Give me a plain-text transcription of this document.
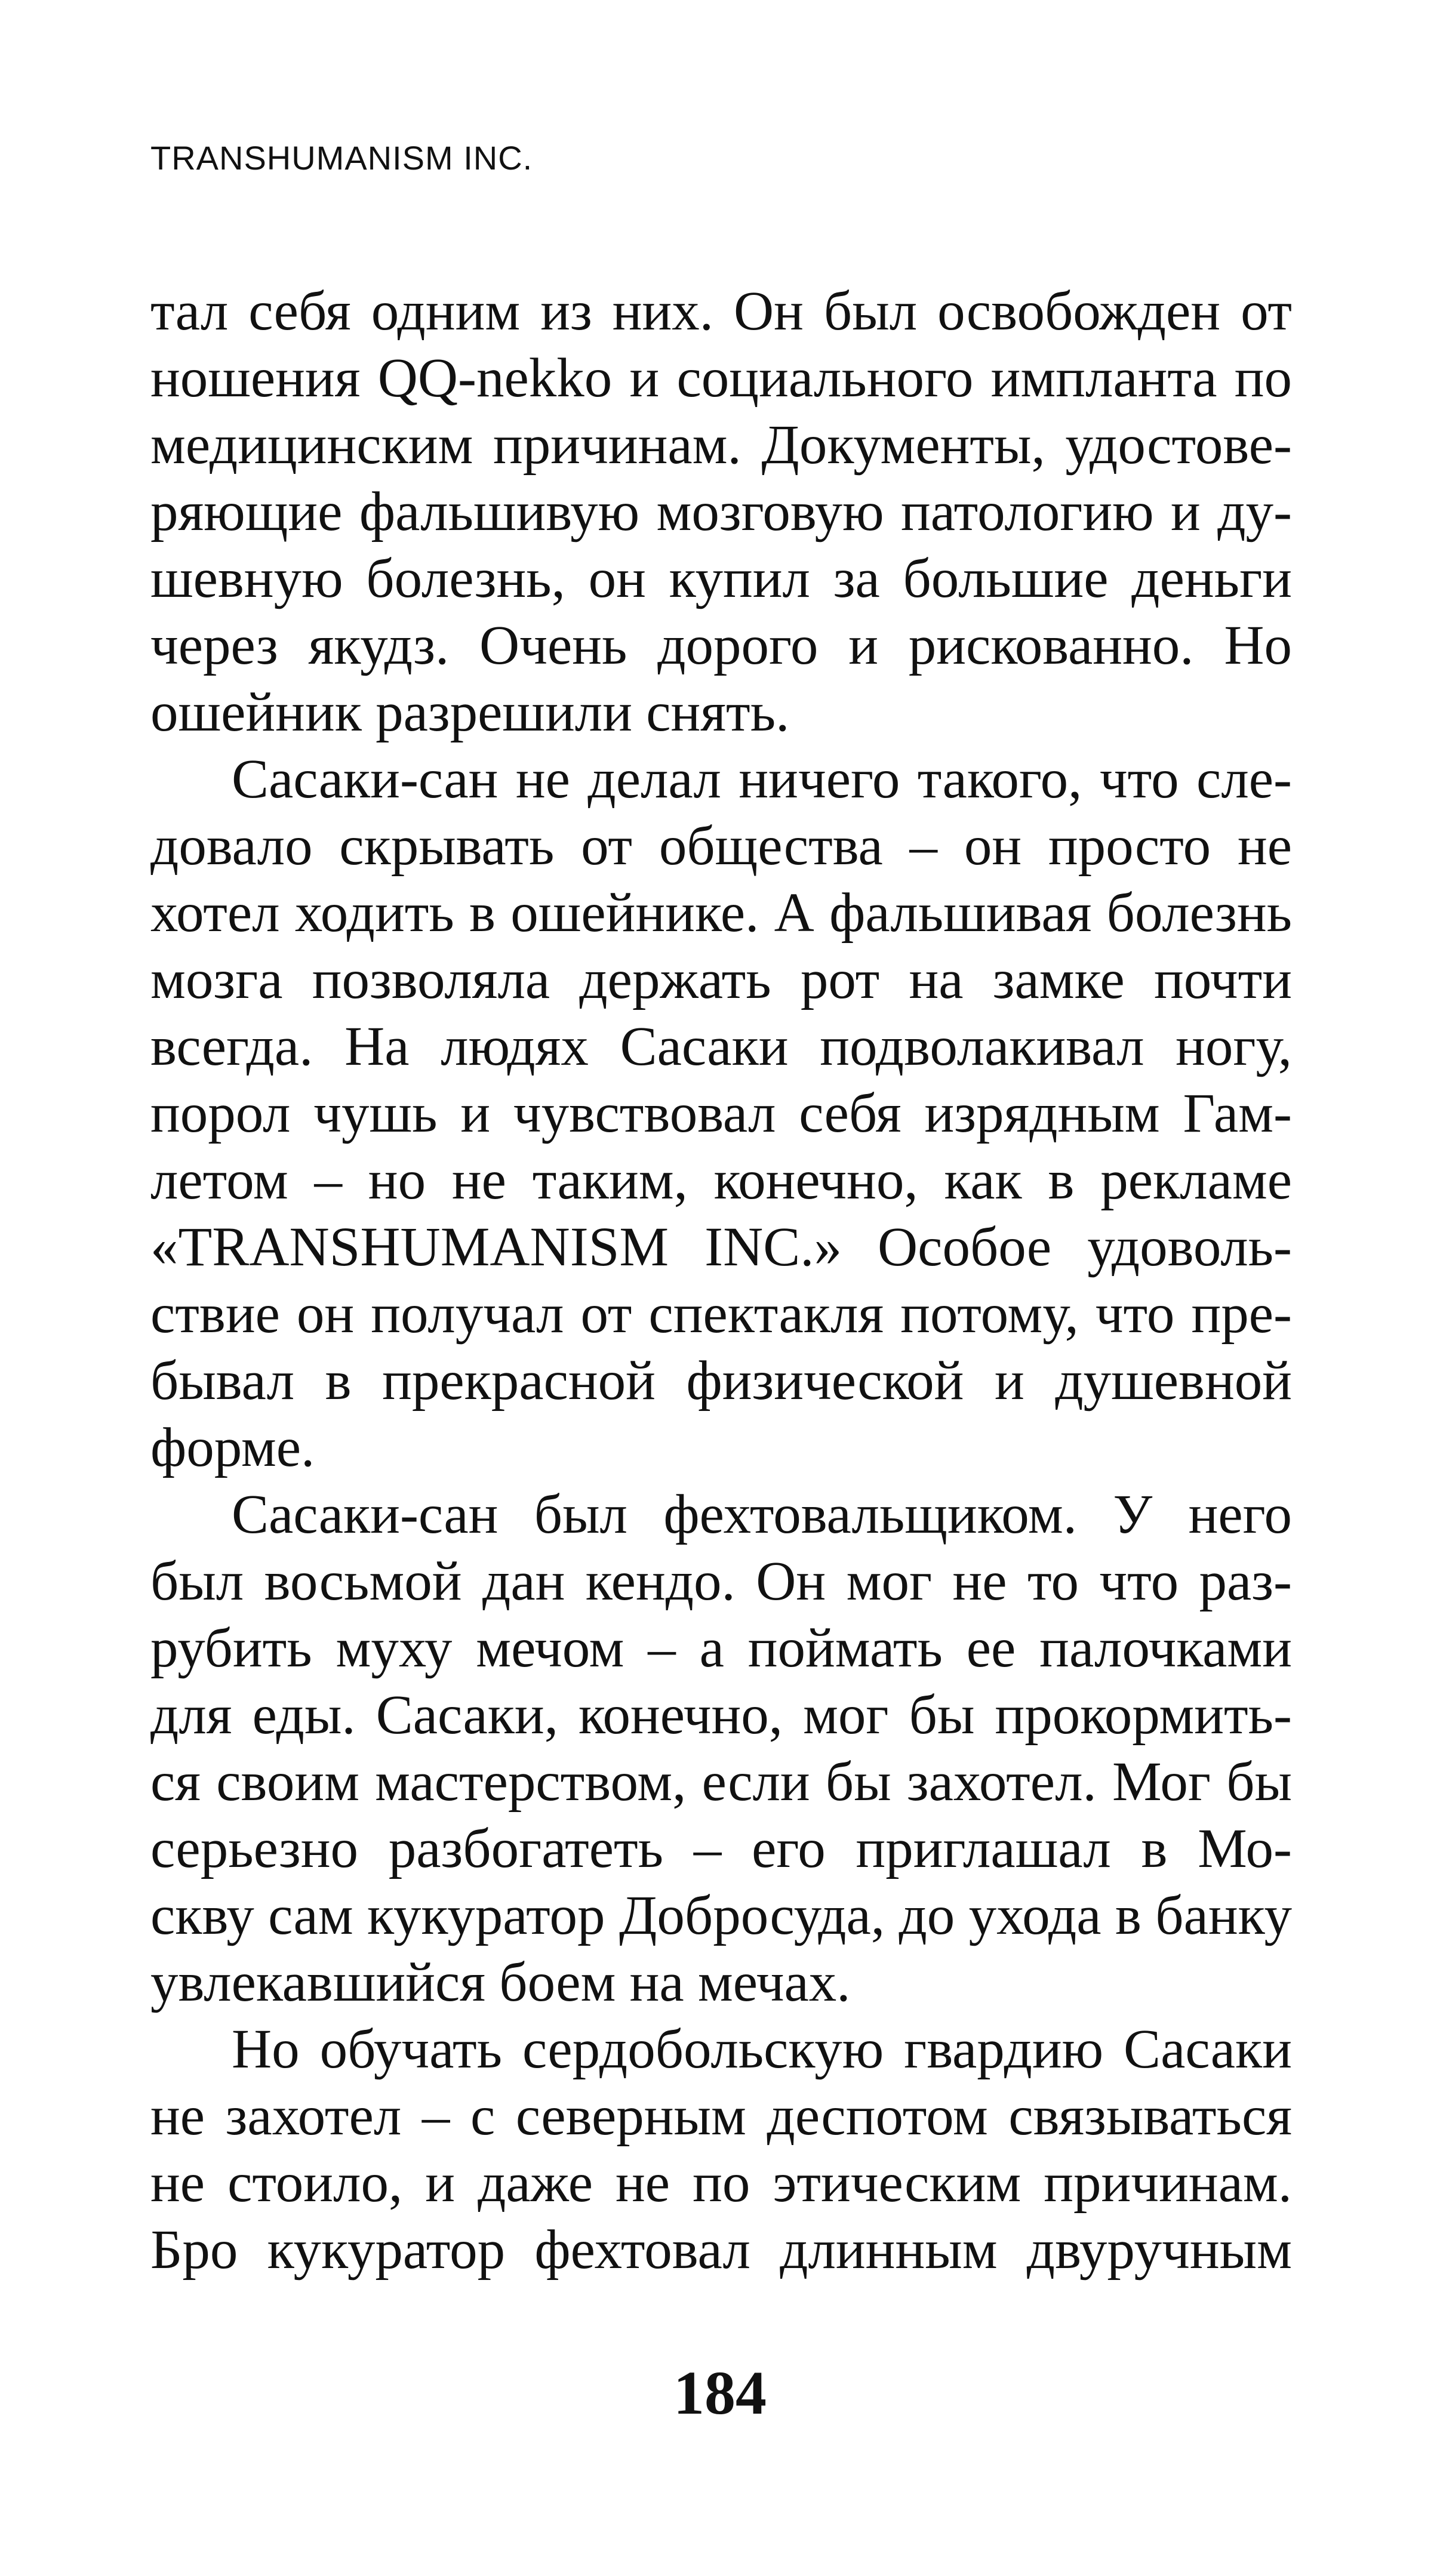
TRANSHUMANISM INC.
тал себя одним из них. Он был освобожден от
ношения QQ-nekko и социального импланта по
медицинским причинам. Документы, удостове-
ряющие фальшивую мозговую патологию и ду-
шевную болезнь, он купил за большие деньги
через якудз. Очень дорого и рискованно. Но
ошейник разрешили снять.
Сасаки-сан не делал ничего такого, что сле-
довало скрывать от общества – он просто не
хотел ходить в ошейнике. А фальшивая болезнь
мозга позволяла держать рот на замке почти
всегда. На людях Сасаки подволакивал ногу,
порол чушь и чувствовал себя изрядным Гам-
летом – но не таким, конечно, как в рекламе
«TRANSHUMANISM INC.» Особое удоволь-
ствие он получал от спектакля потому, что пре-
бывал в прекрасной физической и душевной
форме.
Сасаки-сан был фехтовальщиком. У него
был восьмой дан кендо. Он мог не то что раз-
рубить муху мечом – а поймать ее палочками
для еды. Сасаки, конечно, мог бы прокормить-
ся своим мастерством, если бы захотел. Мог бы
серьезно разбогатеть – его приглашал в Мо-
скву сам кукуратор Добросуда, до ухода в банку
увлекавшийся боем на мечах.
Но обучать сердобольскую гвардию Сасаки
не захотел – с северным деспотом связываться
не стоило, и даже не по этическим причинам.
Бро кукуратор фехтовал длинным двуручным
184
